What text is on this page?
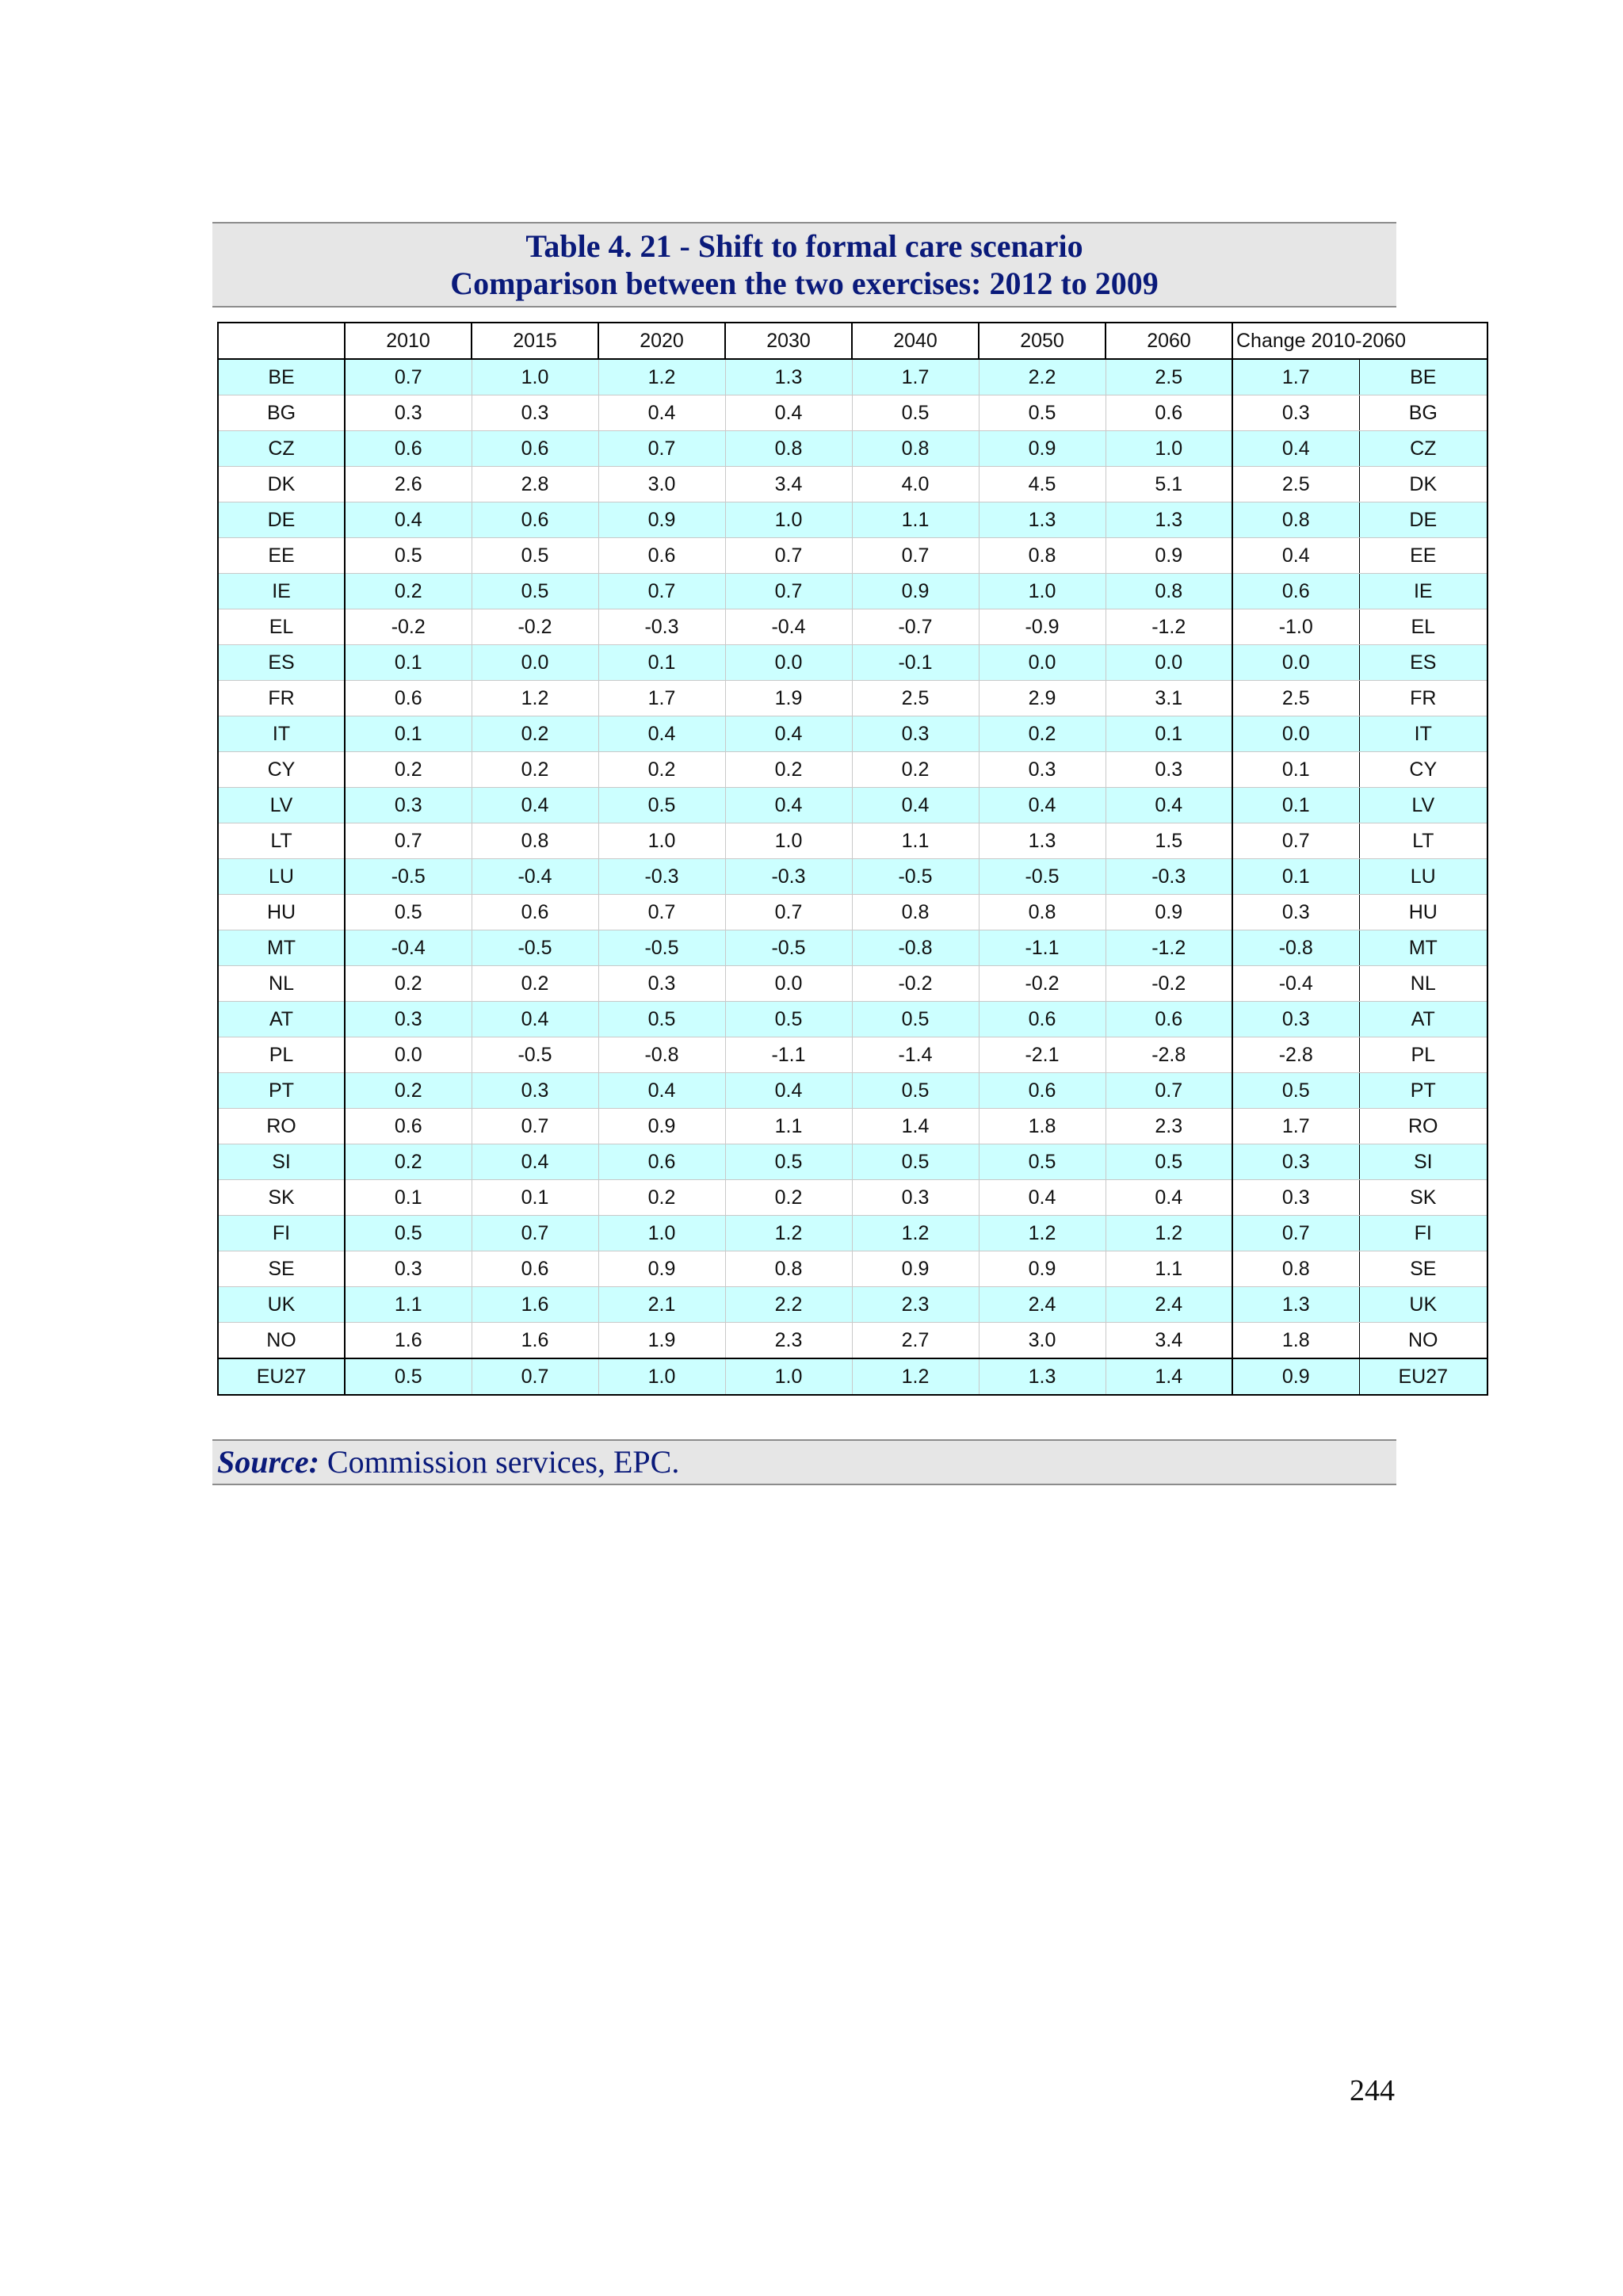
Table 4. 21 - Shift to formal care scenario
Comparison between the two exercises: 2012 to 2009
	2010	2015	2020	2030	2040	2050	2060	Change 2010-2060	
BE	0.7	1.0	1.2	1.3	1.7	2.2	2.5	1.7	BE
BG	0.3	0.3	0.4	0.4	0.5	0.5	0.6	0.3	BG
CZ	0.6	0.6	0.7	0.8	0.8	0.9	1.0	0.4	CZ
DK	2.6	2.8	3.0	3.4	4.0	4.5	5.1	2.5	DK
DE	0.4	0.6	0.9	1.0	1.1	1.3	1.3	0.8	DE
EE	0.5	0.5	0.6	0.7	0.7	0.8	0.9	0.4	EE
IE	0.2	0.5	0.7	0.7	0.9	1.0	0.8	0.6	IE
EL	-0.2	-0.2	-0.3	-0.4	-0.7	-0.9	-1.2	-1.0	EL
ES	0.1	0.0	0.1	0.0	-0.1	0.0	0.0	0.0	ES
FR	0.6	1.2	1.7	1.9	2.5	2.9	3.1	2.5	FR
IT	0.1	0.2	0.4	0.4	0.3	0.2	0.1	0.0	IT
CY	0.2	0.2	0.2	0.2	0.2	0.3	0.3	0.1	CY
LV	0.3	0.4	0.5	0.4	0.4	0.4	0.4	0.1	LV
LT	0.7	0.8	1.0	1.0	1.1	1.3	1.5	0.7	LT
LU	-0.5	-0.4	-0.3	-0.3	-0.5	-0.5	-0.3	0.1	LU
HU	0.5	0.6	0.7	0.7	0.8	0.8	0.9	0.3	HU
MT	-0.4	-0.5	-0.5	-0.5	-0.8	-1.1	-1.2	-0.8	MT
NL	0.2	0.2	0.3	0.0	-0.2	-0.2	-0.2	-0.4	NL
AT	0.3	0.4	0.5	0.5	0.5	0.6	0.6	0.3	AT
PL	0.0	-0.5	-0.8	-1.1	-1.4	-2.1	-2.8	-2.8	PL
PT	0.2	0.3	0.4	0.4	0.5	0.6	0.7	0.5	PT
RO	0.6	0.7	0.9	1.1	1.4	1.8	2.3	1.7	RO
SI	0.2	0.4	0.6	0.5	0.5	0.5	0.5	0.3	SI
SK	0.1	0.1	0.2	0.2	0.3	0.4	0.4	0.3	SK
FI	0.5	0.7	1.0	1.2	1.2	1.2	1.2	0.7	FI
SE	0.3	0.6	0.9	0.8	0.9	0.9	1.1	0.8	SE
UK	1.1	1.6	2.1	2.2	2.3	2.4	2.4	1.3	UK
NO	1.6	1.6	1.9	2.3	2.7	3.0	3.4	1.8	NO
EU27	0.5	0.7	1.0	1.0	1.2	1.3	1.4	0.9	EU27
Source: Commission services, EPC.
244
